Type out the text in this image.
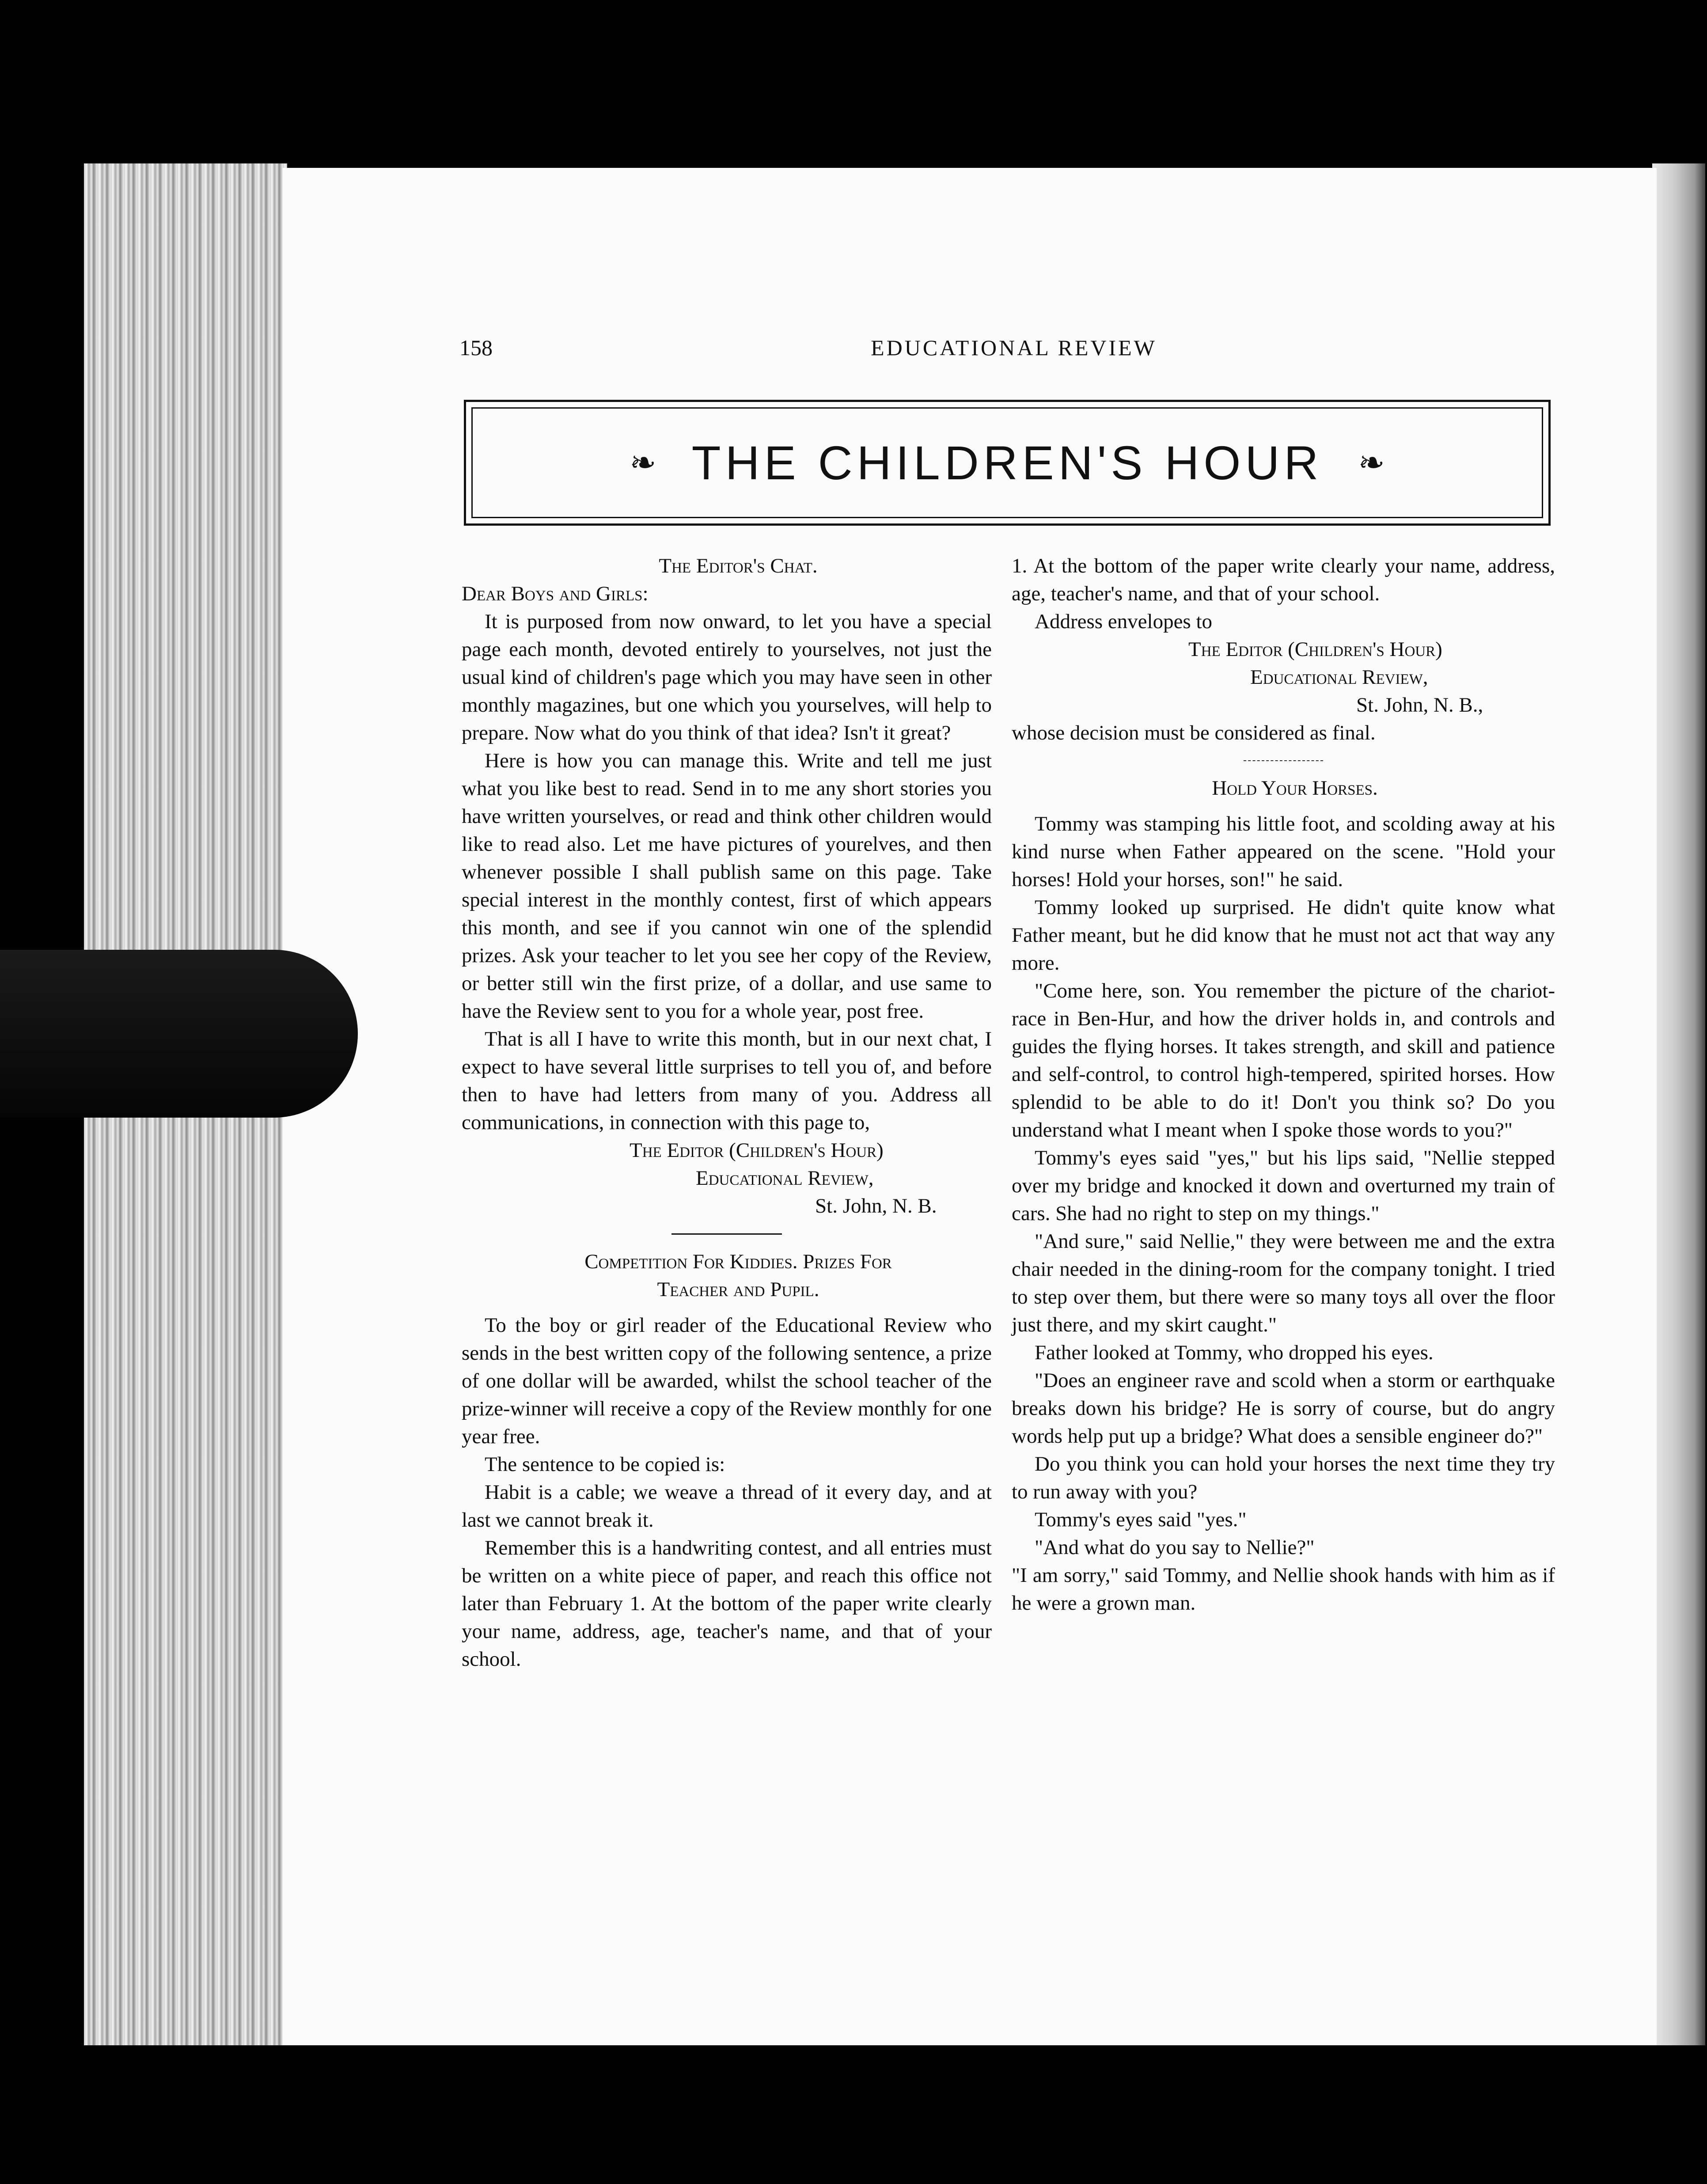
158	EDUCATIONAL REVIEW
❧ THE CHILDREN'S HOUR ❧

The Editor's Chat.

Dear Boys and Girls:

It is purposed from now onward, to let you have a special page each month, devoted entirely to yourselves, not just the usual kind of children's page which you may have seen in other monthly magazines, but one which you yourselves, will help to prepare. Now what do you think of that idea? Isn't it great?

Here is how you can manage this. Write and tell me just what you like best to read. Send in to me any short stories you have written yourselves, or read and think other children would like to read also. Let me have pictures of yourelves, and then whenever possible I shall publish same on this page. Take special interest in the monthly contest, first of which appears this month, and see if you cannot win one of the splendid prizes. Ask your teacher to let you see her copy of the Review, or better still win the first prize, of a dollar, and use same to have the Review sent to you for a whole year, post free.

That is all I have to write this month, but in our next chat, I expect to have several little surprises to tell you of, and before then to have had letters from many of you. Address all communications, in connection with this page to,

The Editor (Children's Hour)
Educational Review,
St. John, N. B.

Competition For Kiddies. Prizes For

Teacher and Pupil.

To the boy or girl reader of the Educational Review who sends in the best written copy of the following sentence, a prize of one dollar will be awarded, whilst the school teacher of the prize-winner will receive a copy of the Review monthly for one year free.

The sentence to be copied is:

Habit is a cable; we weave a thread of it every day, and at last we cannot break it.

Remember this is a handwriting contest, and all entries must be written on a white piece of paper, and reach this office not later than February 1. At the bottom of the paper write clearly your name, address, age, teacher's name, and that of your school.

1. At the bottom of the paper write clearly your name, address, age, teacher's name, and that of your school.

Address envelopes to

The Editor (Children's Hour)
Educational Review,
St. John, N. B.,

whose decision must be considered as final.

Hold Your Horses.

Tommy was stamping his little foot, and scolding away at his kind nurse when Father appeared on the scene. "Hold your horses! Hold your horses, son!" he said.

Tommy looked up surprised. He didn't quite know what Father meant, but he did know that he must not act that way any more.

"Come here, son. You remember the picture of the chariot-race in Ben-Hur, and how the driver holds in, and controls and guides the flying horses. It takes strength, and skill and patience and self-control, to control high-tempered, spirited horses. How splendid to be able to do it! Don't you think so? Do you understand what I meant when I spoke those words to you?"

Tommy's eyes said "yes," but his lips said, "Nellie stepped over my bridge and knocked it down and overturned my train of cars. She had no right to step on my things."

"And sure," said Nellie," they were between me and the extra chair needed in the dining-room for the company tonight. I tried to step over them, but there were so many toys all over the floor just there, and my skirt caught."

Father looked at Tommy, who dropped his eyes.

"Does an engineer rave and scold when a storm or earthquake breaks down his bridge? He is sorry of course, but do angry words help put up a bridge? What does a sensible engineer do?"

Do you think you can hold your horses the next time they try to run away with you?

Tommy's eyes said "yes."

"And what do you say to Nellie?"

"I am sorry," said Tommy, and Nellie shook hands with him as if he were a grown man.
